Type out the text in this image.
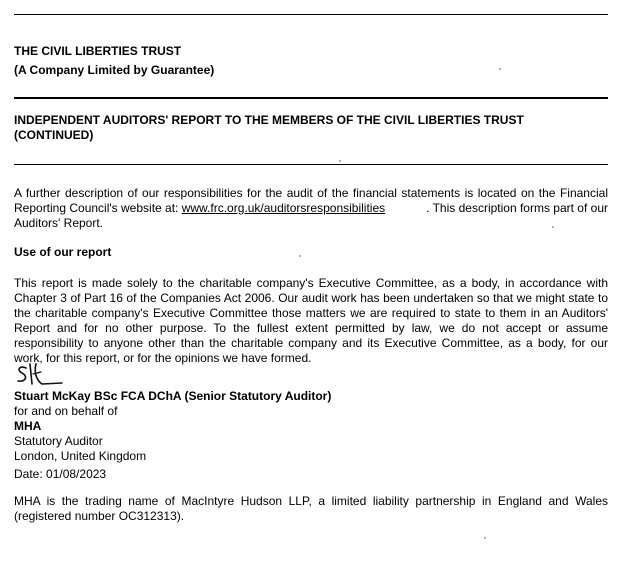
THE CIVIL LIBERTIES TRUST
(A Company Limited by Guarantee)
INDEPENDENT AUDITORS' REPORT TO THE MEMBERS OF THE CIVIL LIBERTIES TRUST
(CONTINUED)
A further description of our responsibilities for the audit of the financial statements is located on the Financial
Reporting Council's website at: www.frc.org.uk/auditorsresponsibilities	. This description forms part of our
Auditors' Report.
Use of our report
This report is made solely to the charitable company's Executive Committee, as a body, in accordance with
Chapter 3 of Part 16 of the Companies Act 2006. Our audit work has been undertaken so that we might state to
the charitable company's Executive Committee those matters we are required to state to them in an Auditors'
Report and for no other purpose. To the fullest extent permitted by law, we do not accept or assume
responsibility to anyone other than the charitable company and its Executive Committee, as a body, for our
work, for this report, or for the opinions we have formed.
Stuart McKay BSc FCA DChA (Senior Statutory Auditor)
for and on behalf of
MHA
Statutory Auditor
London, United Kingdom
Date: 01/08/2023
MHA is the trading name of MacIntyre Hudson LLP, a limited liability partnership in England and Wales
(registered number OC312313).
